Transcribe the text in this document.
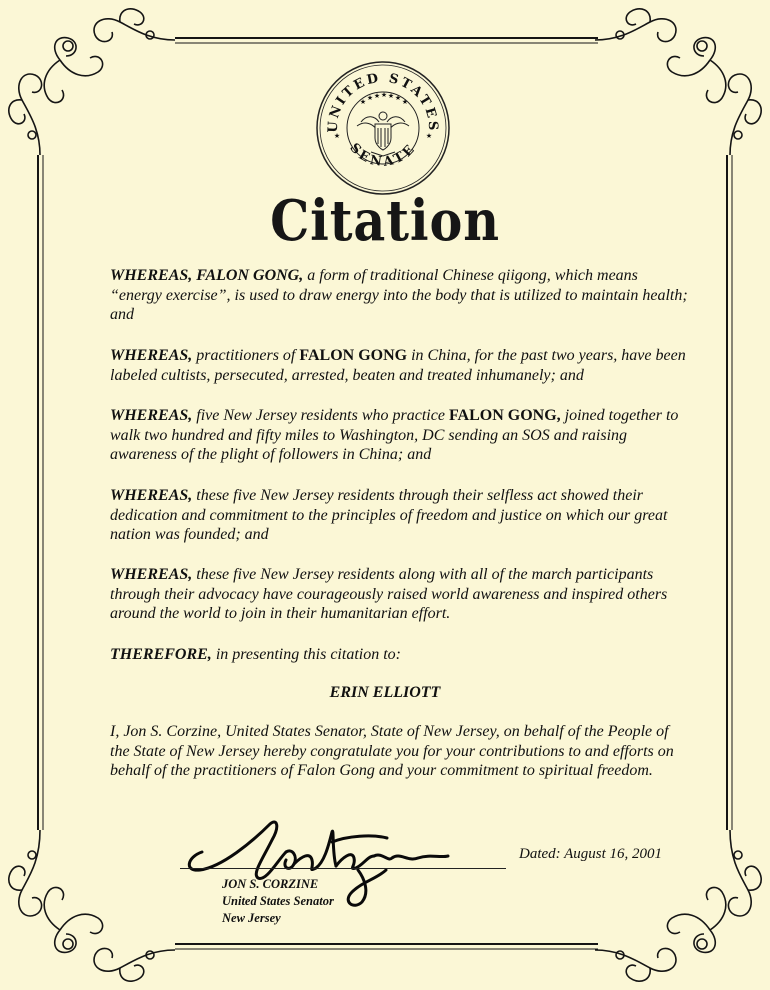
UNITED STATES
SENATE
★ ★ ★ ★ ★ ★ ★
★	★
Citation
WHEREAS, FALON GONG, a form of traditional Chinese qiigong, which means “energy exercise”, is used to draw energy into the body that is utilized to maintain health; and
WHEREAS, practitioners of FALON GONG in China, for the past two years, have been labeled cultists, persecuted, arrested, beaten and treated inhumanely; and
WHEREAS, five New Jersey residents who practice FALON GONG, joined together to walk two hundred and fifty miles to Washington, DC sending an SOS and raising awareness of the plight of followers in China; and
WHEREAS, these five New Jersey residents through their selfless act showed their dedication and commitment to the principles of freedom and justice on which our great nation was founded; and
WHEREAS, these five New Jersey residents along with all of the march participants through their advocacy have courageously raised world awareness and inspired others around the world to join in their humanitarian effort.
THEREFORE, in presenting this citation to:
ERIN ELLIOTT
I, Jon S. Corzine, United States Senator, State of New Jersey, on behalf of the People of the State of New Jersey hereby congratulate you for your contributions to and efforts on behalf of the practitioners of Falon Gong and your commitment to spiritual freedom.
JON S. CORZINE
United States Senator
New Jersey
Dated: August 16, 2001
